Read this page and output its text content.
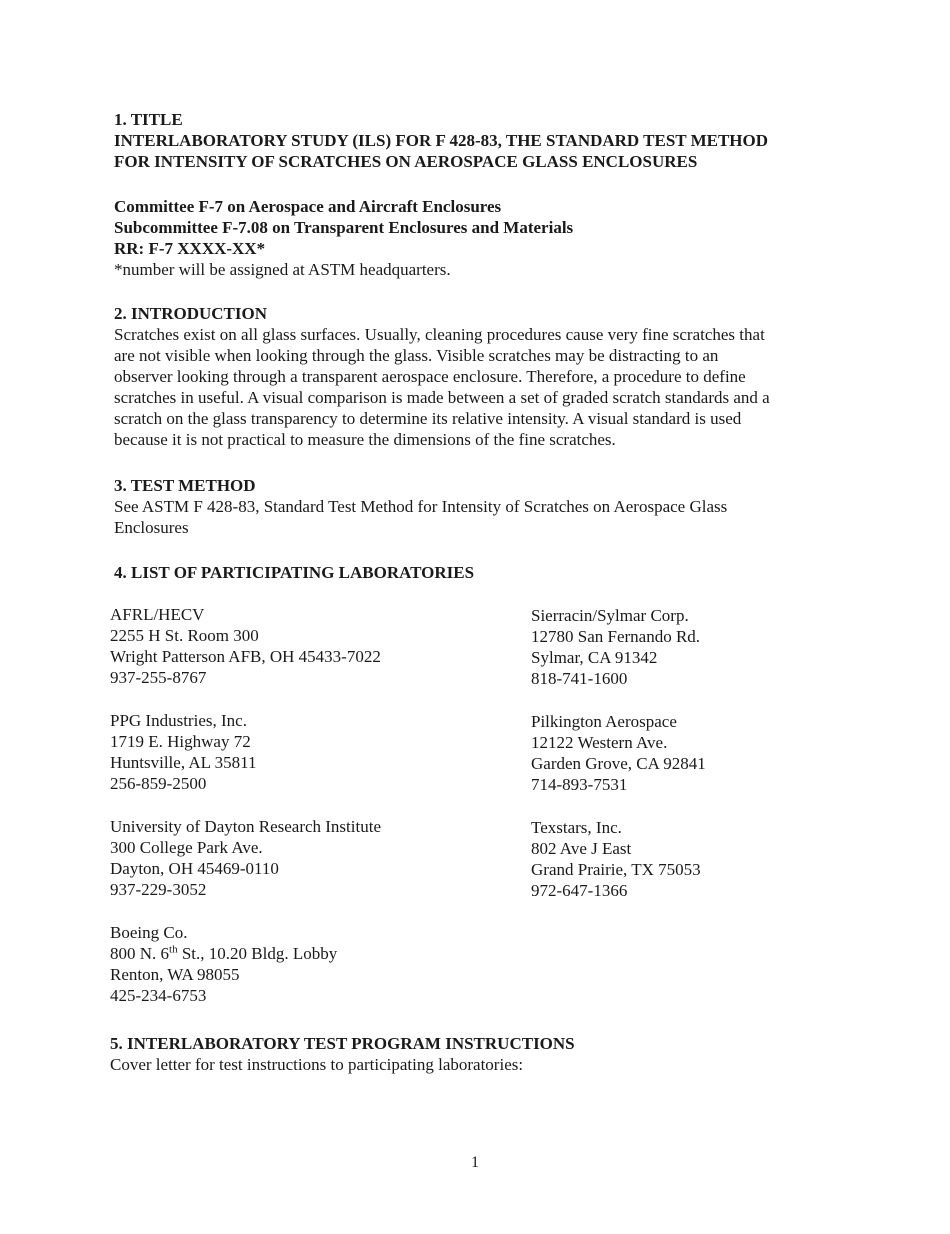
1. TITLE
INTERLABORATORY STUDY (ILS) FOR F 428-83, THE STANDARD TEST METHOD
FOR INTENSITY OF SCRATCHES ON AEROSPACE GLASS ENCLOSURES
Committee F-7 on Aerospace and Aircraft Enclosures
Subcommittee F-7.08 on Transparent Enclosures and Materials
RR: F-7 XXXX-XX*
*number will be assigned at ASTM headquarters.
2. INTRODUCTION
Scratches exist on all glass surfaces. Usually, cleaning procedures cause very fine scratches that
are not visible when looking through the glass. Visible scratches may be distracting to an
observer looking through a transparent aerospace enclosure. Therefore, a procedure to define
scratches in useful. A visual comparison is made between a set of graded scratch standards and a
scratch on the glass transparency to determine its relative intensity. A visual standard is used
because it is not practical to measure the dimensions of the fine scratches.
3. TEST METHOD
See ASTM F 428-83, Standard Test Method for Intensity of Scratches on Aerospace Glass
Enclosures
4. LIST OF PARTICIPATING LABORATORIES
AFRL/HECV
2255 H St. Room 300
Wright Patterson AFB, OH 45433-7022
937-255-8767
PPG Industries, Inc.
1719 E. Highway 72
Huntsville, AL 35811
256-859-2500
University of Dayton Research Institute
300 College Park Ave.
Dayton, OH 45469-0110
937-229-3052
Boeing Co.
800 N. 6th St., 10.20 Bldg. Lobby
Renton, WA 98055
425-234-6753
Sierracin/Sylmar Corp.
12780 San Fernando Rd.
Sylmar, CA 91342
818-741-1600
Pilkington Aerospace
12122 Western Ave.
Garden Grove, CA 92841
714-893-7531
Texstars, Inc.
802 Ave J East
Grand Prairie, TX 75053
972-647-1366
5. INTERLABORATORY TEST PROGRAM INSTRUCTIONS
Cover letter for test instructions to participating laboratories:
1
